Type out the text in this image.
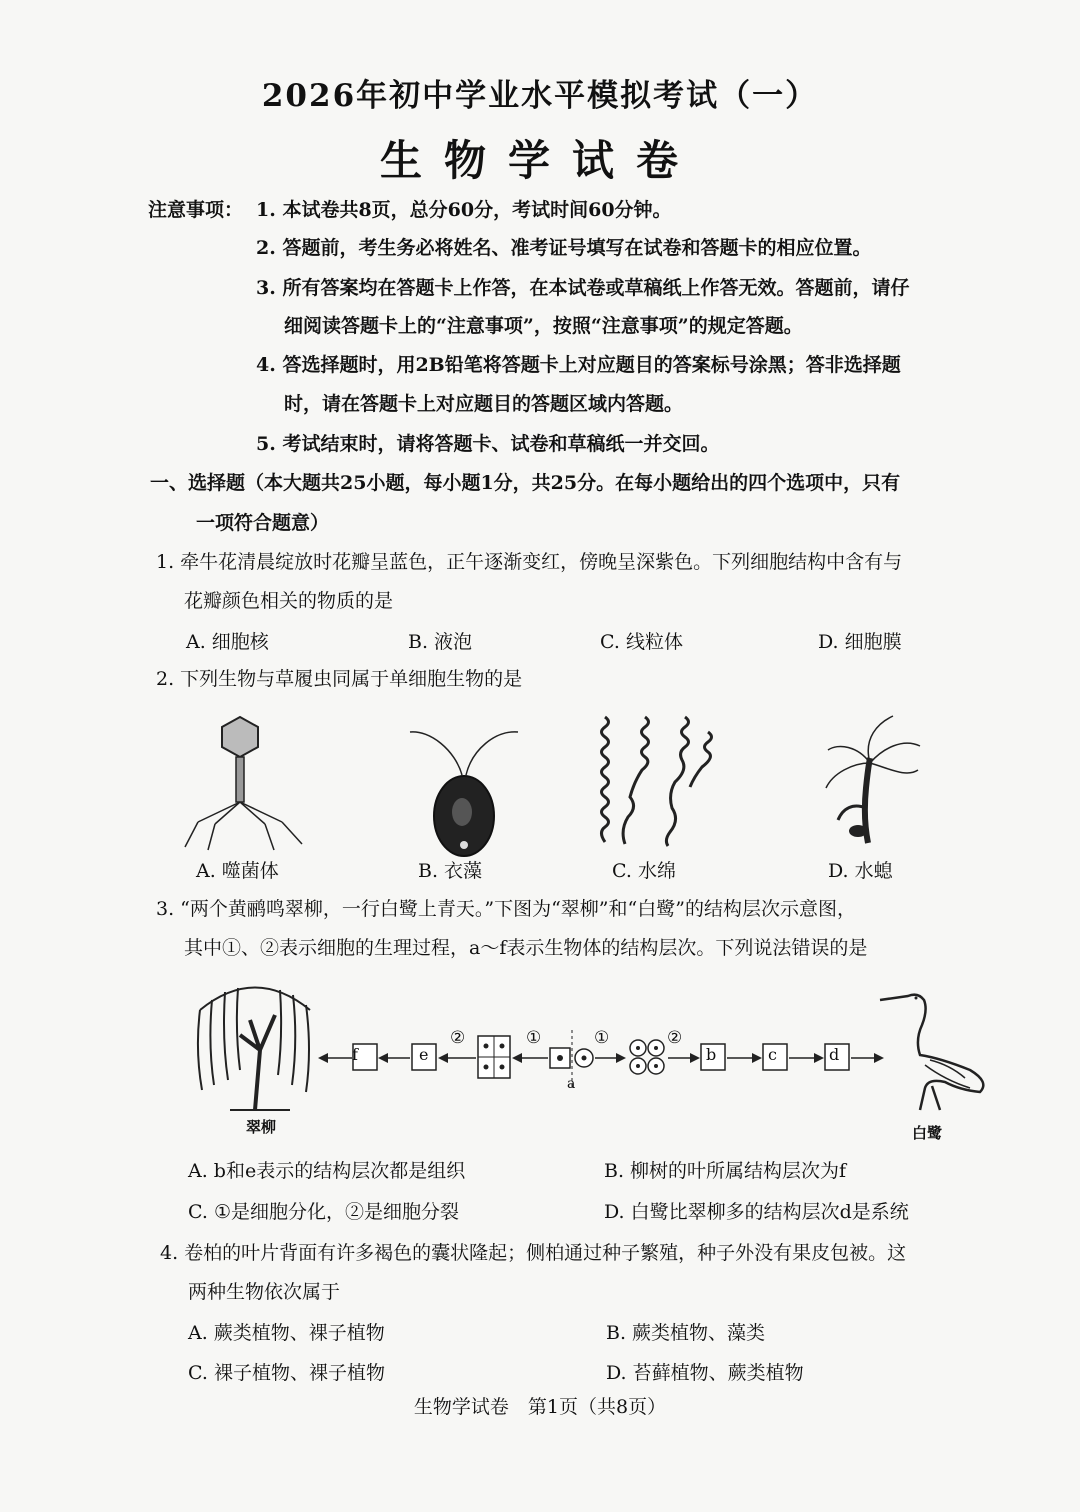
2026年初中学业水平模拟考试（一）
生物学试卷
注意事项： 1. 本试卷共8页，总分60分，考试时间60分钟。
2. 答题前，考生务必将姓名、准考证号填写在试卷和答题卡的相应位置。
3. 所有答案均在答题卡上作答，在本试卷或草稿纸上作答无效。答题前，请仔
细阅读答题卡上的“注意事项”，按照“注意事项”的规定答题。
4. 答选择题时，用2B铅笔将答题卡上对应题目的答案标号涂黑；答非选择题
时，请在答题卡上对应题目的答题区域内答题。
5. 考试结束时，请将答题卡、试卷和草稿纸一并交回。
一、选择题（本大题共25小题，每小题1分，共25分。在每小题给出的四个选项中，只有
一项符合题意）
1. 牵牛花清晨绽放时花瓣呈蓝色，正午逐渐变红，傍晚呈深紫色。下列细胞结构中含有与
花瓣颜色相关的物质的是
A. 细胞核	B. 液泡	C. 线粒体	D. 细胞膜
2. 下列生物与草履虫同属于单细胞生物的是
A. 噬菌体	B. 衣藻	C. 水绵	D. 水螅
3. “两个黄鹂鸣翠柳，一行白鹭上青天。”下图为“翠柳”和“白鹭”的结构层次示意图，
其中①、②表示细胞的生理过程，a～f表示生物体的结构层次。下列说法错误的是
翠柳	白鹭
f	e	b	c	d
a
②	①	①	②
A. b和e表示的结构层次都是组织	B. 柳树的叶所属结构层次为f
C. ①是细胞分化，②是细胞分裂	D. 白鹭比翠柳多的结构层次d是系统
4. 卷柏的叶片背面有许多褐色的囊状隆起；侧柏通过种子繁殖，种子外没有果皮包被。这
两种生物依次属于
A. 蕨类植物、裸子植物	B. 蕨类植物、藻类
C. 裸子植物、裸子植物	D. 苔藓植物、蕨类植物
生物学试卷　第1页（共8页）
